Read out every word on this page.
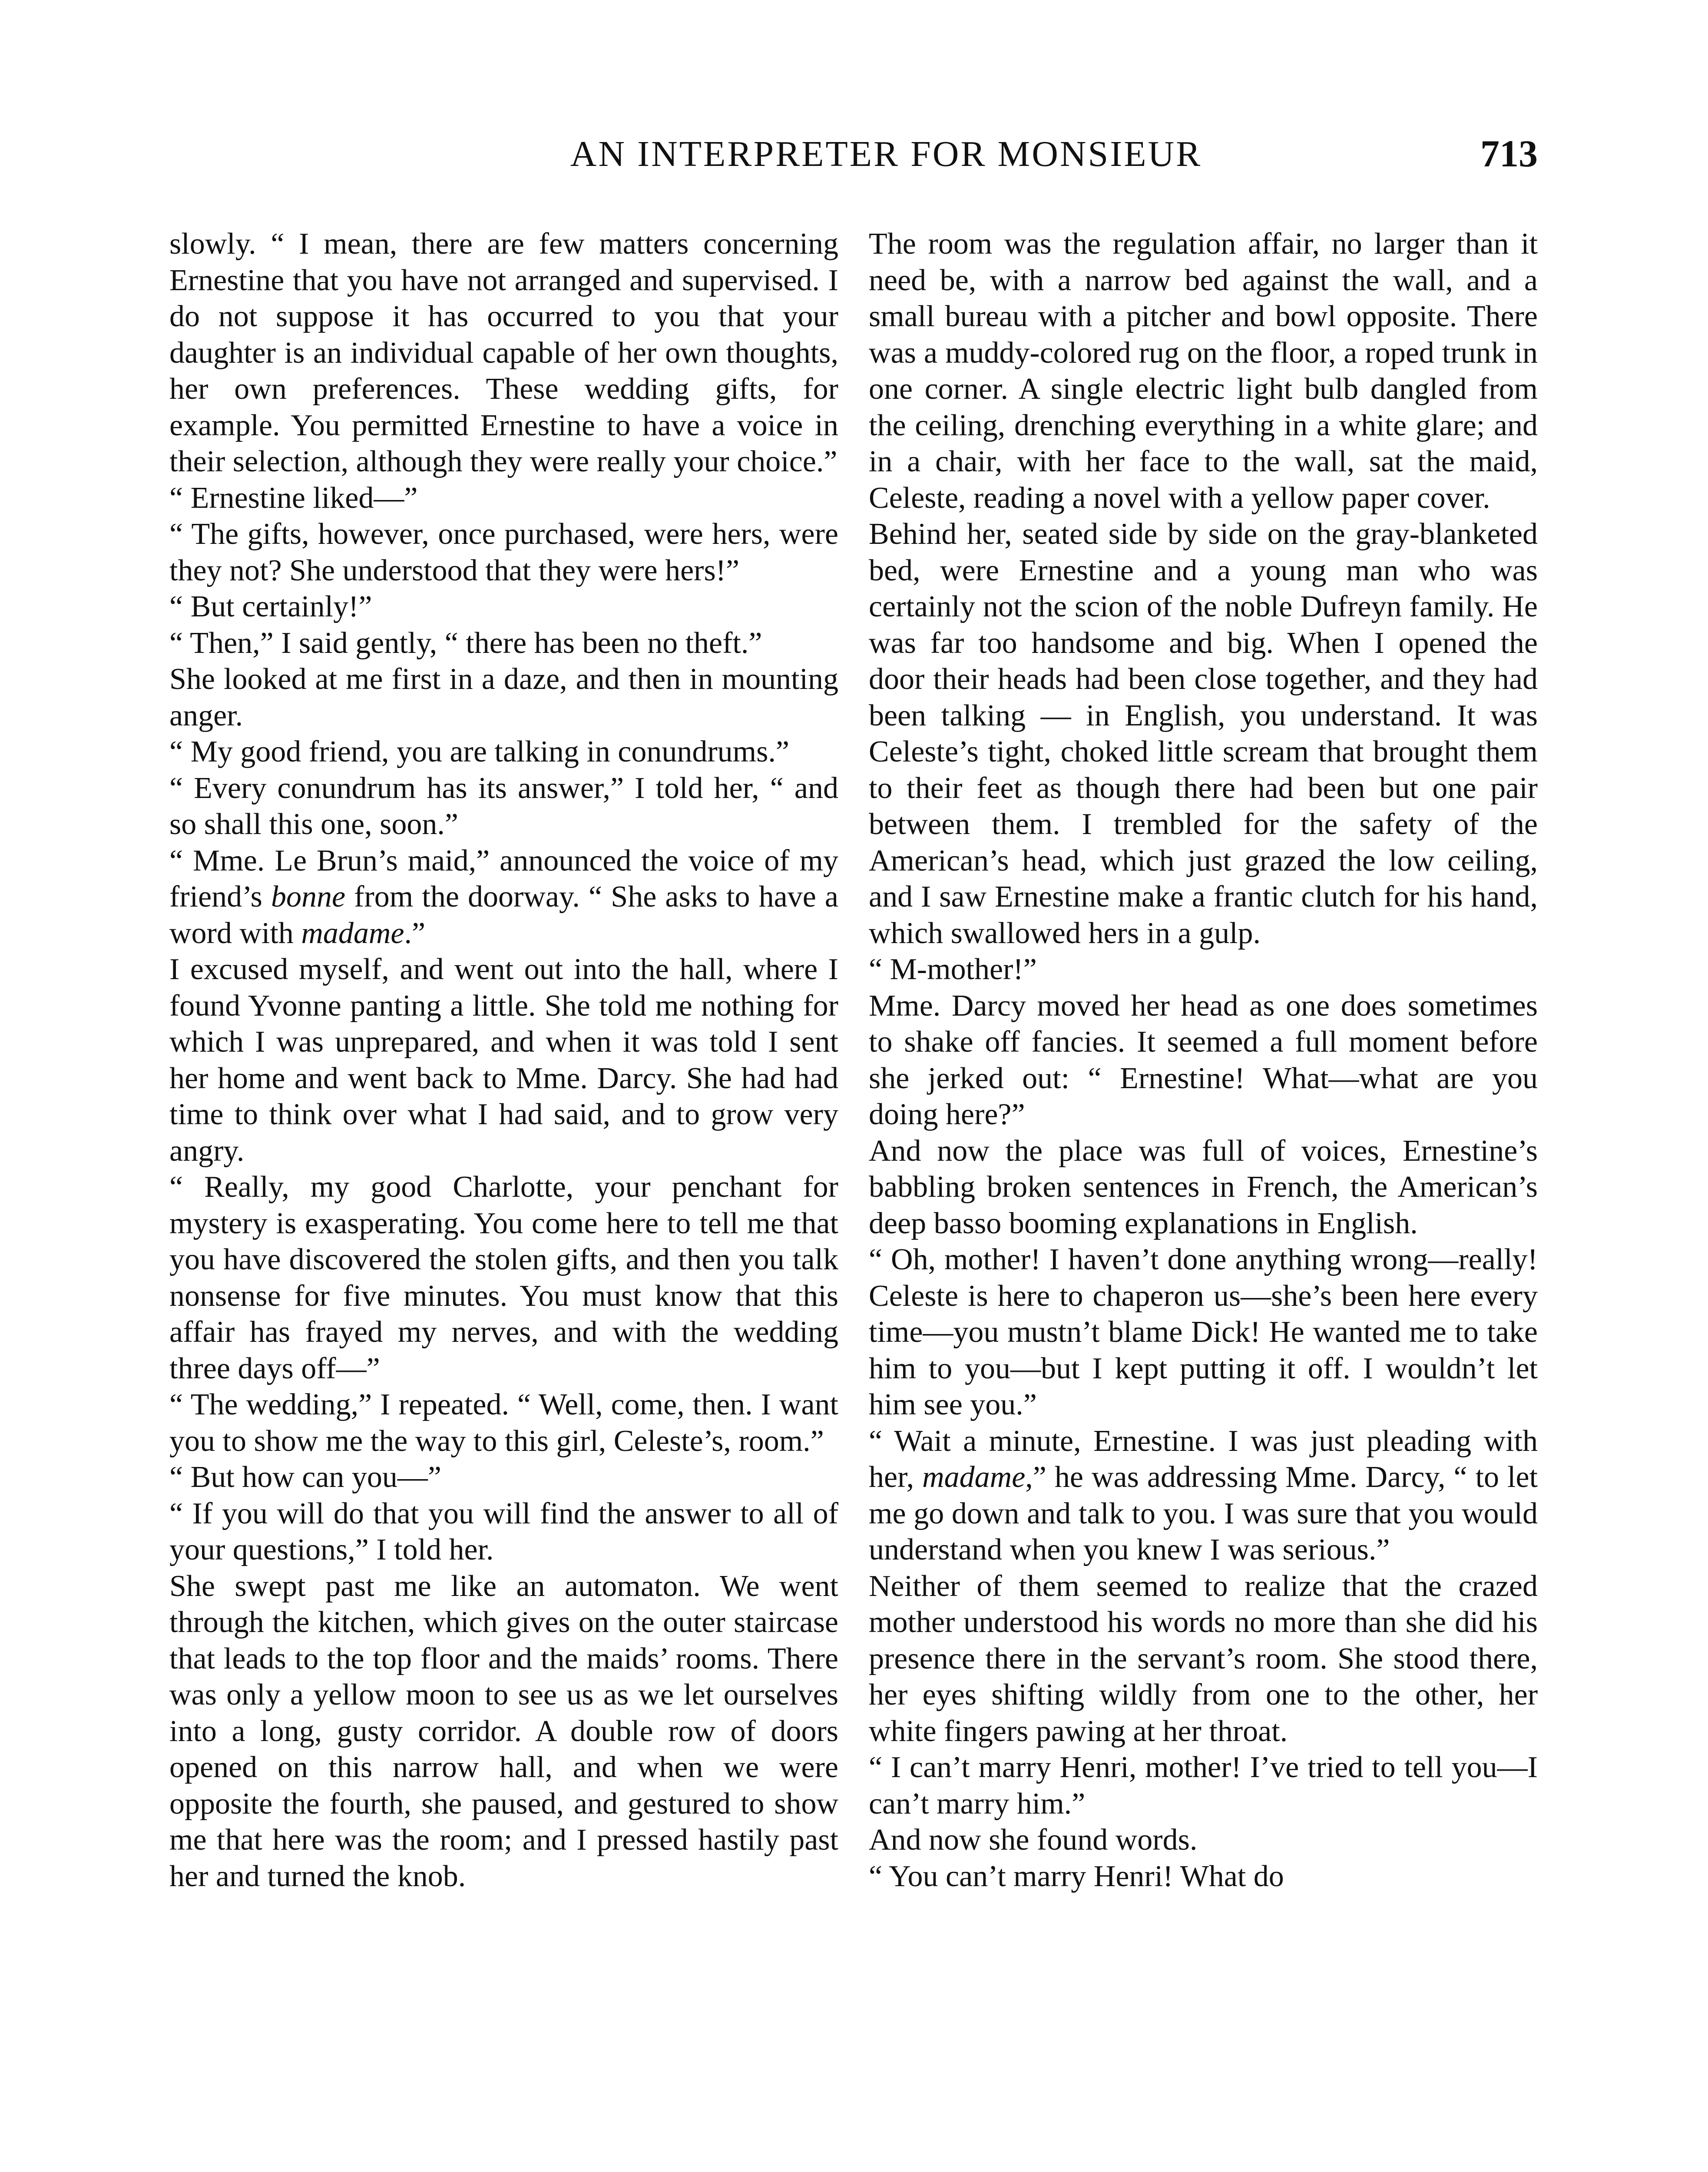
AN INTERPRETER FOR MONSIEUR	713

slowly. “ I mean, there are few matters concerning Ernestine that you have not arranged and supervised. I do not suppose it has occurred to you that your daughter is an individual capable of her own thoughts, her own preferences. These wedding gifts, for example. You permitted Ernestine to have a voice in their selection, although they were really your choice.”

“ Ernestine liked—”

“ The gifts, however, once purchased, were hers, were they not? She understood that they were hers!”

“ But certainly!”

“ Then,” I said gently, “ there has been no theft.”

She looked at me first in a daze, and then in mounting anger.

“ My good friend, you are talking in conundrums.”

“ Every conundrum has its answer,” I told her, “ and so shall this one, soon.”

“ Mme. Le Brun’s maid,” announced the voice of my friend’s bonne from the doorway. “ She asks to have a word with madame.”

I excused myself, and went out into the hall, where I found Yvonne panting a little. She told me nothing for which I was unprepared, and when it was told I sent her home and went back to Mme. Darcy. She had had time to think over what I had said, and to grow very angry.

“ Really, my good Charlotte, your penchant for mystery is exasperating. You come here to tell me that you have discovered the stolen gifts, and then you talk nonsense for five minutes. You must know that this affair has frayed my nerves, and with the wedding three days off—”

“ The wedding,” I repeated. “ Well, come, then. I want you to show me the way to this girl, Celeste’s, room.”

“ But how can you—”

“ If you will do that you will find the answer to all of your questions,” I told her.

She swept past me like an automaton. We went through the kitchen, which gives on the outer staircase that leads to the top floor and the maids’ rooms. There was only a yellow moon to see us as we let ourselves into a long, gusty corridor. A double row of doors opened on this narrow hall, and when we were opposite the fourth, she paused, and gestured to show me that here was the room; and I pressed hastily past her and turned the knob.

The room was the regulation affair, no larger than it need be, with a narrow bed against the wall, and a small bureau with a pitcher and bowl opposite. There was a muddy-colored rug on the floor, a roped trunk in one corner. A single electric light bulb dangled from the ceiling, drenching everything in a white glare; and in a chair, with her face to the wall, sat the maid, Celeste, reading a novel with a yellow paper cover.

Behind her, seated side by side on the gray-blanketed bed, were Ernestine and a young man who was certainly not the scion of the noble Dufreyn family. He was far too handsome and big. When I opened the door their heads had been close together, and they had been talking — in English, you understand. It was Celeste’s tight, choked little scream that brought them to their feet as though there had been but one pair between them. I trembled for the safety of the American’s head, which just grazed the low ceiling, and I saw Ernestine make a frantic clutch for his hand, which swallowed hers in a gulp.

“ M-mother!”

Mme. Darcy moved her head as one does sometimes to shake off fancies. It seemed a full moment before she jerked out: “ Ernestine! What—what are you doing here?”

And now the place was full of voices, Ernestine’s babbling broken sentences in French, the American’s deep basso booming explanations in English.

“ Oh, mother! I haven’t done anything wrong—really! Celeste is here to chaperon us—she’s been here every time—you mustn’t blame Dick! He wanted me to take him to you—but I kept putting it off. I wouldn’t let him see you.”

“ Wait a minute, Ernestine. I was just pleading with her, madame,” he was addressing Mme. Darcy, “ to let me go down and talk to you. I was sure that you would understand when you knew I was serious.”

Neither of them seemed to realize that the crazed mother understood his words no more than she did his presence there in the servant’s room. She stood there, her eyes shifting wildly from one to the other, her white fingers pawing at her throat.

“ I can’t marry Henri, mother! I’ve tried to tell you—I can’t marry him.”

And now she found words.

“ You can’t marry Henri! What do
